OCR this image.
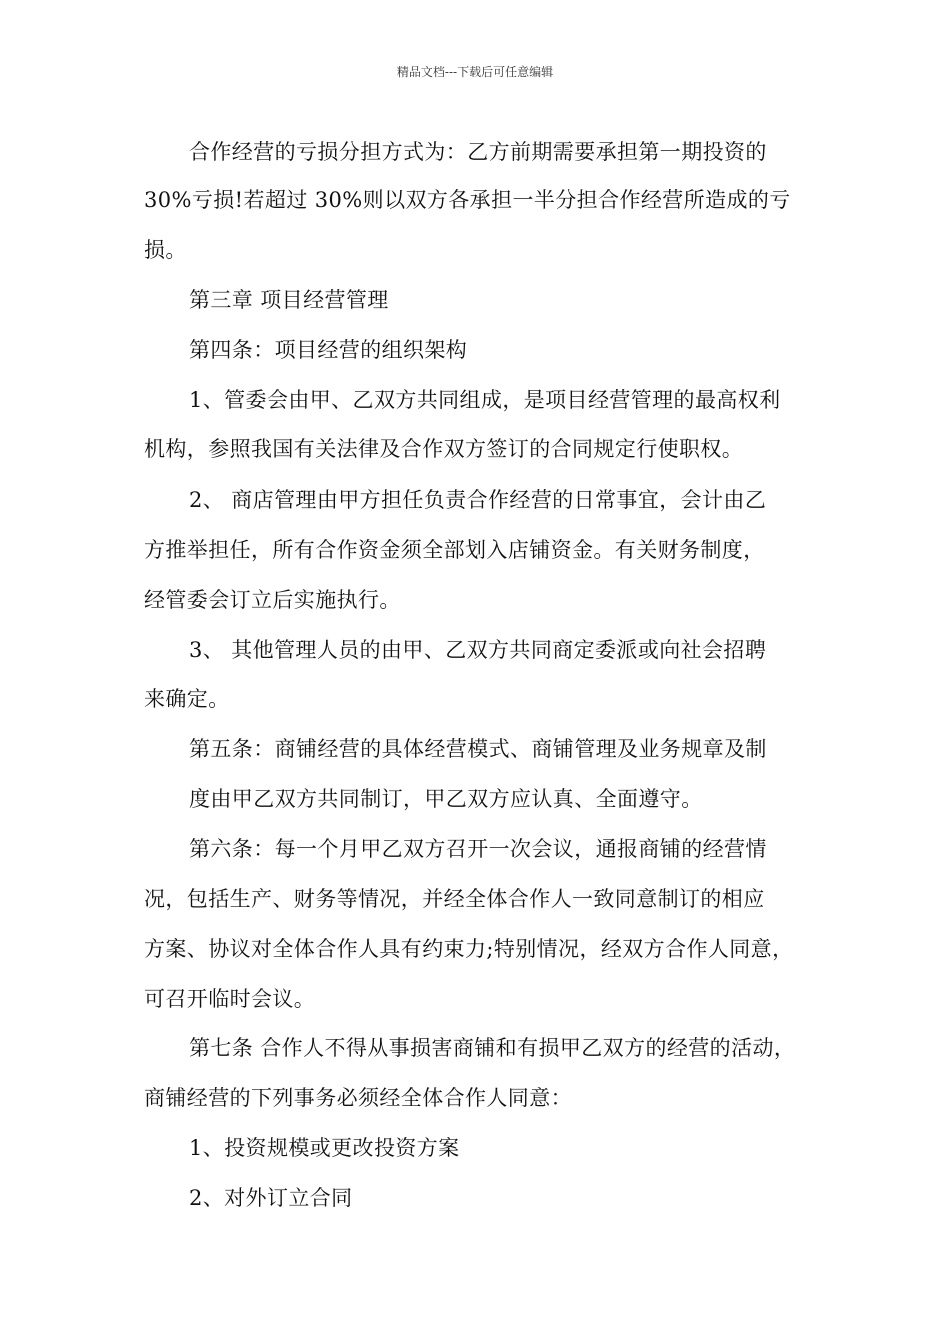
精品文档---下载后可任意编辑
合作经营的亏损分担方式为：乙方前期需要承担第一期投资的
30%亏损!若超过 30%则以双方各承担一半分担合作经营所造成的亏
损。
第三章 项目经营管理
第四条：项目经营的组织架构
1、管委会由甲、乙双方共同组成，是项目经营管理的最高权利
机构，参照我国有关法律及合作双方签订的合同规定行使职权。
2、 商店管理由甲方担任负责合作经营的日常事宜，会计由乙
方推举担任，所有合作资金须全部划入店铺资金。有关财务制度，
经管委会订立后实施执行。
3、 其他管理人员的由甲、乙双方共同商定委派或向社会招聘
来确定。
第五条：商铺经营的具体经营模式、商铺管理及业务规章及制
度由甲乙双方共同制订，甲乙双方应认真、全面遵守。
第六条：每一个月甲乙双方召开一次会议，通报商铺的经营情
况，包括生产、财务等情况，并经全体合作人一致同意制订的相应
方案、协议对全体合作人具有约束力;特别情况，经双方合作人同意，
可召开临时会议。
第七条 合作人不得从事损害商铺和有损甲乙双方的经营的活动，
商铺经营的下列事务必须经全体合作人同意：
1、投资规模或更改投资方案
2、对外订立合同
